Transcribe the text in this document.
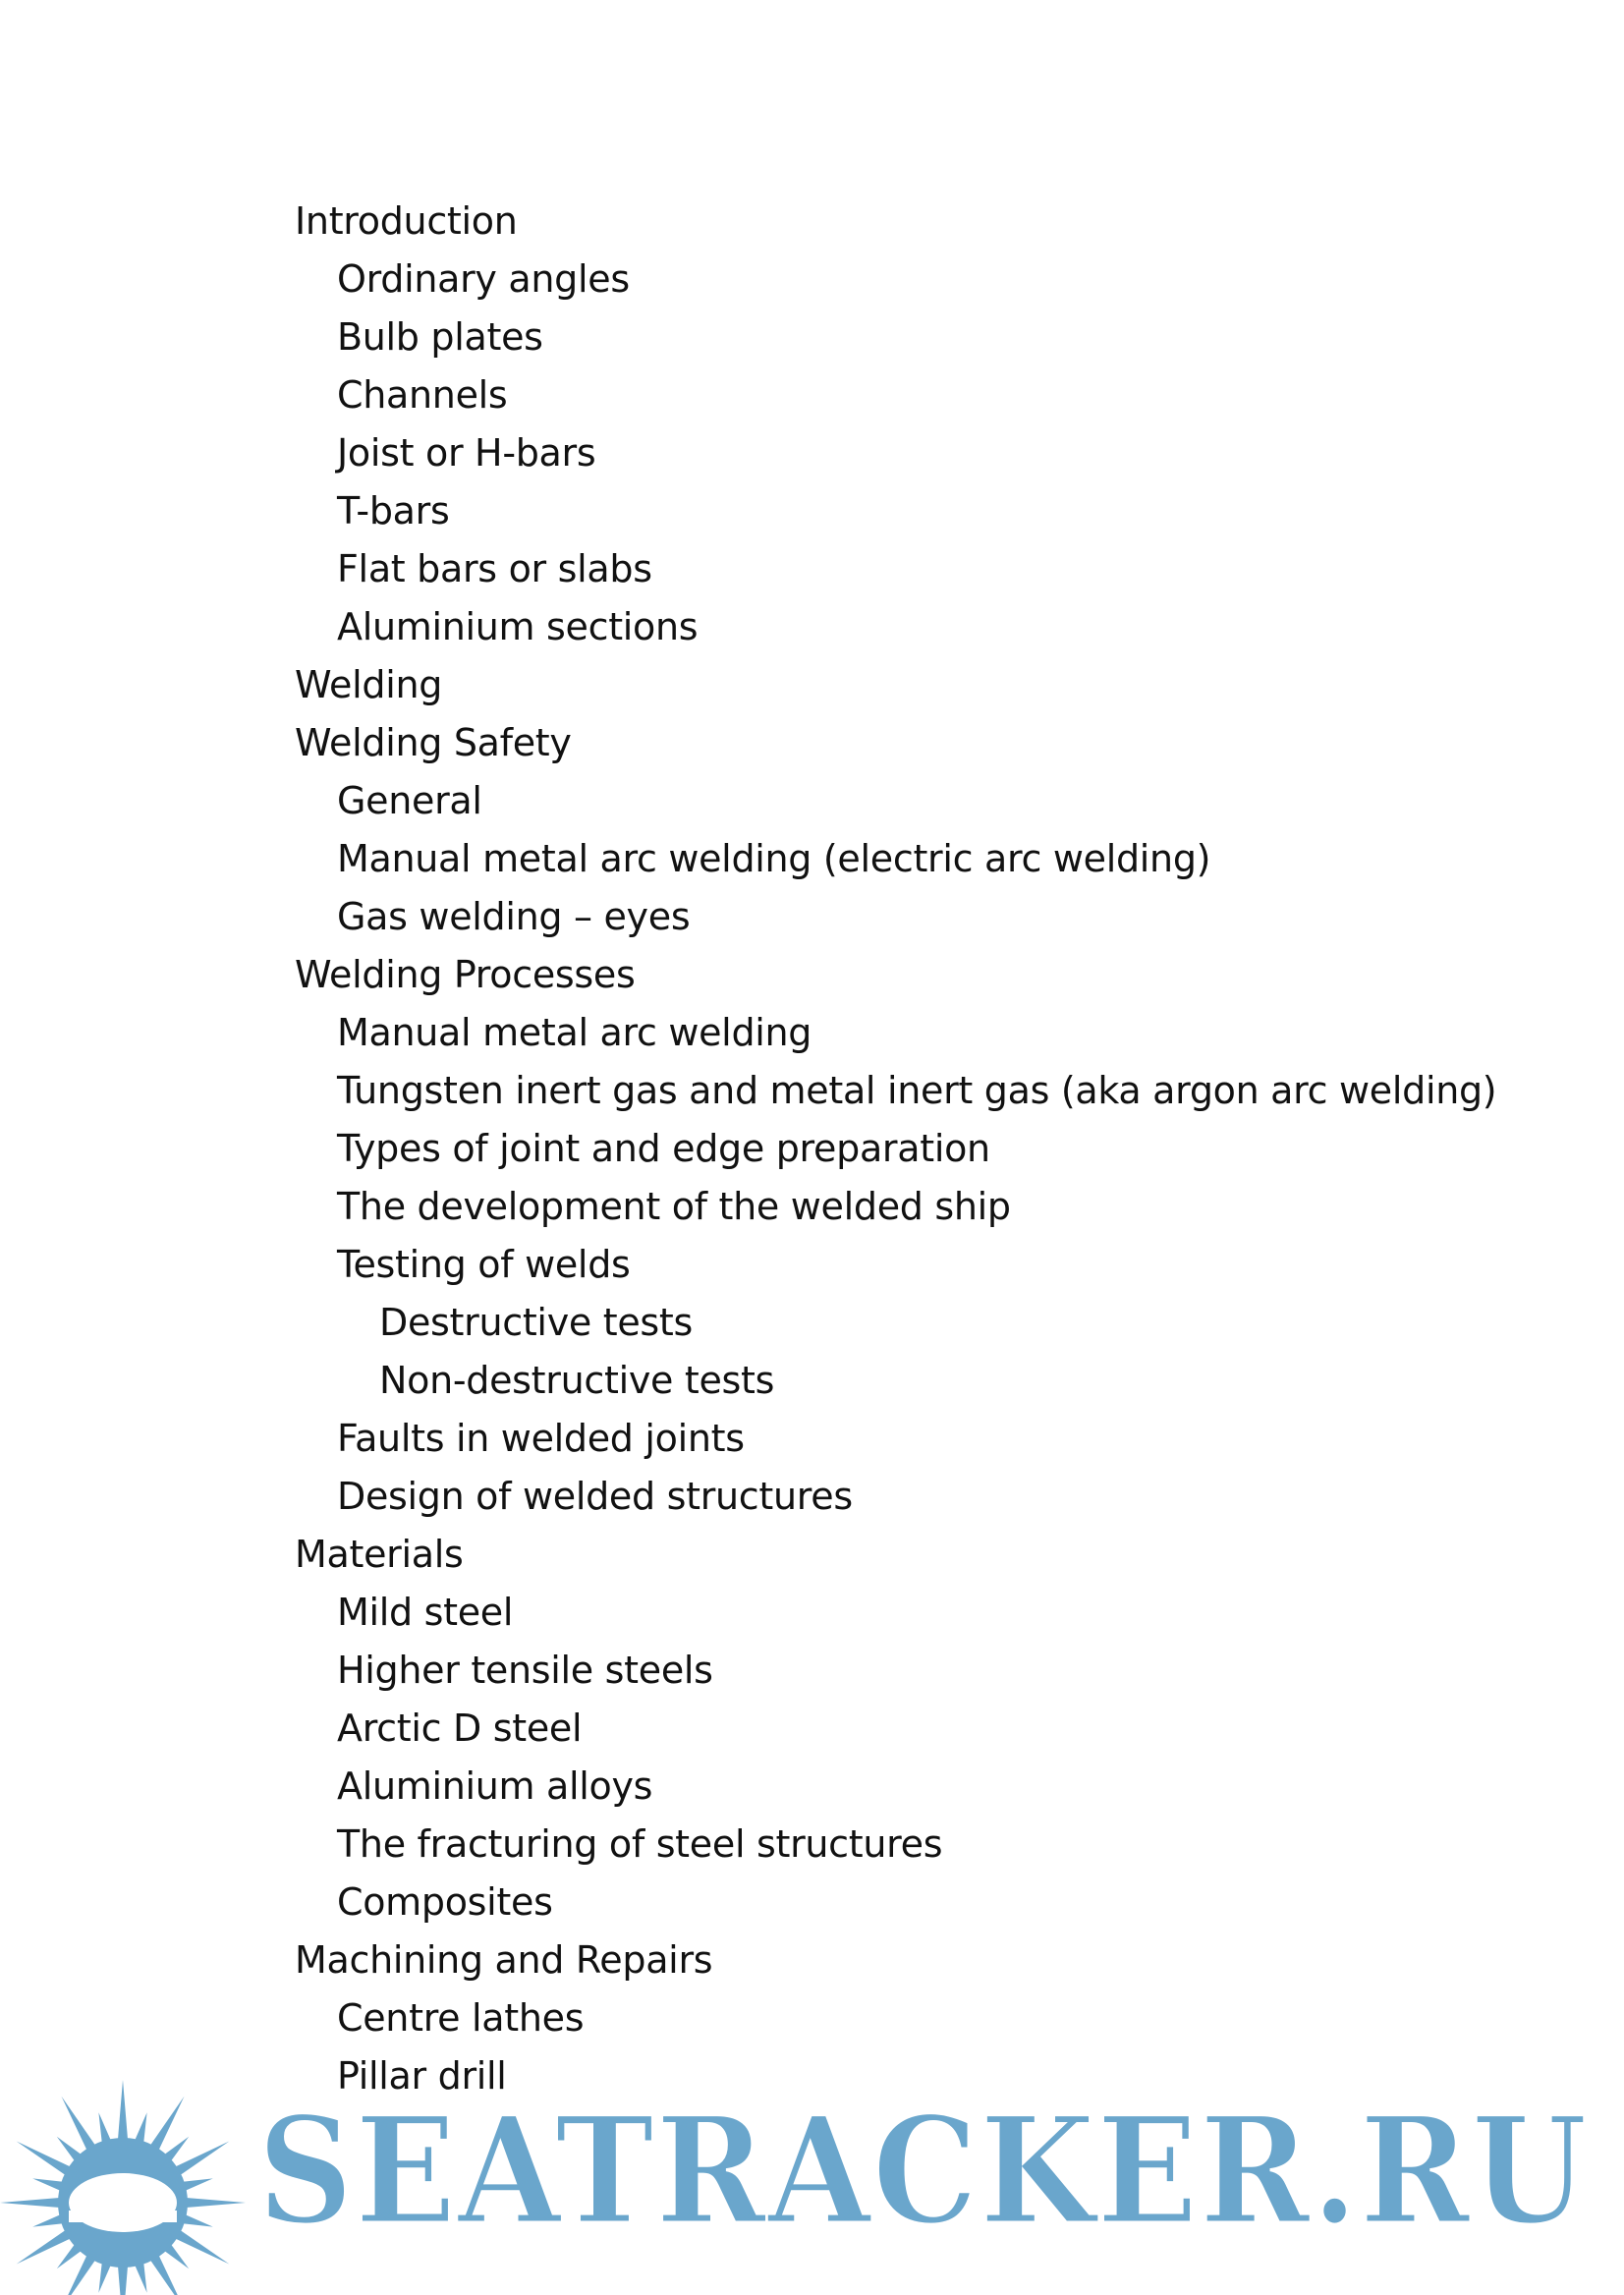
Introduction
Ordinary angles
Bulb plates
Channels
Joist or H-bars
T-bars
Flat bars or slabs
Aluminium sections
Welding
Welding Safety
General
Manual metal arc welding (electric arc welding)
Gas welding – eyes
Welding Processes
Manual metal arc welding
Tungsten inert gas and metal inert gas (aka argon arc welding)
Types of joint and edge preparation
The development of the welded ship
Testing of welds
Destructive tests
Non-destructive tests
Faults in welded joints
Design of welded structures
Materials
Mild steel
Higher tensile steels
Arctic D steel
Aluminium alloys
The fracturing of steel structures
Composites
Machining and Repairs
Centre lathes
Pillar drill
SEATRACKER.RU
